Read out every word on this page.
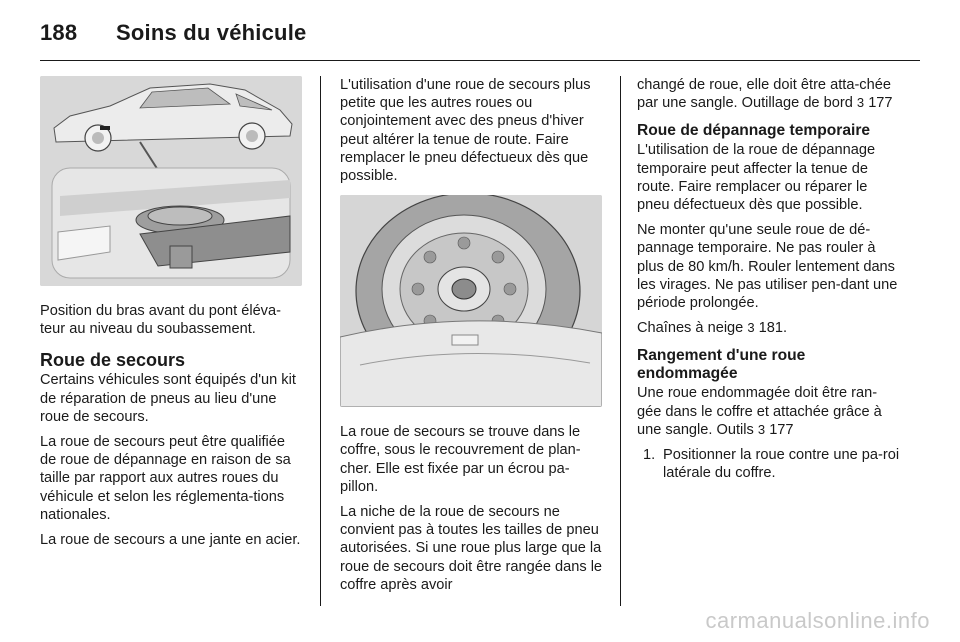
188 Soins du véhicule

Position du bras avant du pont éléva-teur au niveau du soubassement.

Roue de secours

Certains véhicules sont équipés d'un kit de réparation de pneus au lieu d'une roue de secours.

La roue de secours peut être qualifiée de roue de dépannage en raison de sa taille par rapport aux autres roues du véhicule et selon les réglementa-tions nationales.

La roue de secours a une jante en acier.

L'utilisation d'une roue de secours plus petite que les autres roues ou conjointement avec des pneus d'hiver peut altérer la tenue de route. Faire remplacer le pneu défectueux dès que possible.

La roue de secours se trouve dans le coffre, sous le recouvrement de plan-cher. Elle est fixée par un écrou pa-pillon.

La niche de la roue de secours ne convient pas à toutes les tailles de pneu autorisées. Si une roue plus large que la roue de secours doit être rangée dans le coffre après avoir

changé de roue, elle doit être atta-chée par une sangle. Outillage de bord 3 177

Roue de dépannage temporaire

L'utilisation de la roue de dépannage temporaire peut affecter la tenue de route. Faire remplacer ou réparer le pneu défectueux dès que possible.

Ne monter qu'une seule roue de dé-pannage temporaire. Ne pas rouler à plus de 80 km/h. Rouler lentement dans les virages. Ne pas utiliser pen-dant une période prolongée.

Chaînes à neige 3 181.

Rangement d'une roue endommagée

Une roue endommagée doit être ran-gée dans le coffre et attachée grâce à une sangle. Outils 3 177

1. Positionner la roue contre une pa-roi latérale du coffre.
carmanualsonline.info
